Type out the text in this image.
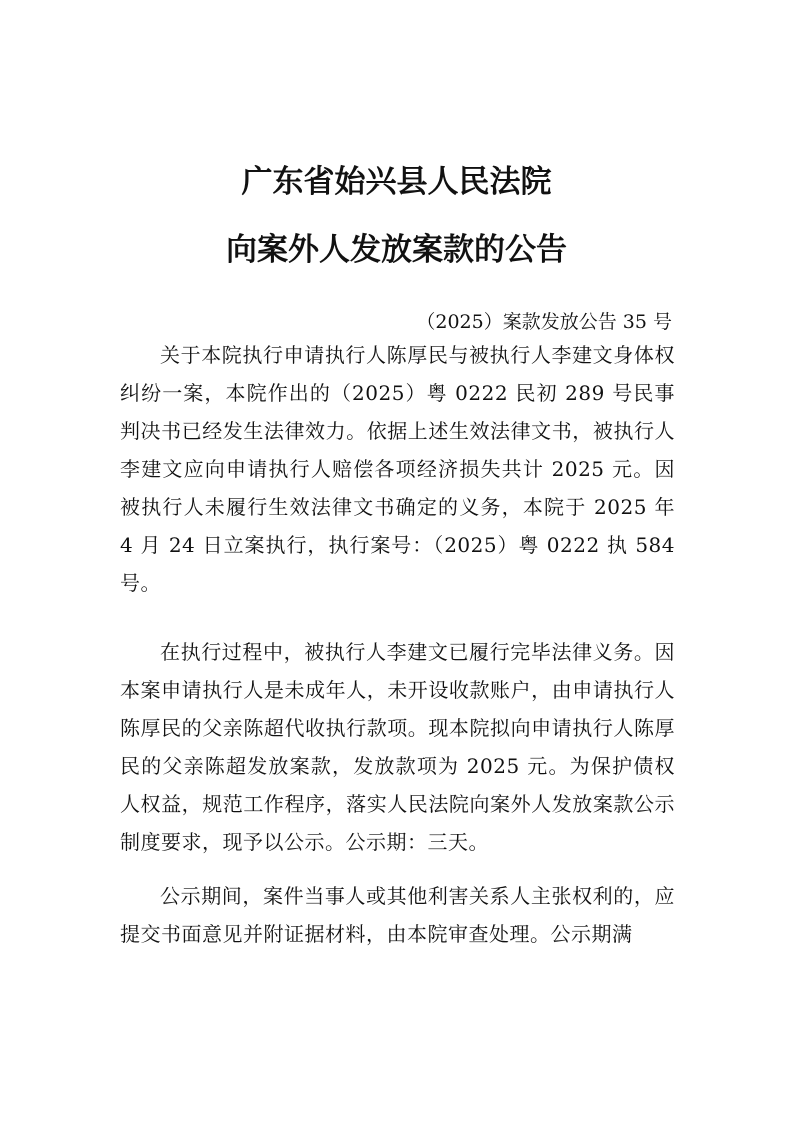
广东省始兴县人民法院
向案外人发放案款的公告
（2025）案款发放公告 35 号

关于本院执行申请执行人陈厚民与被执行人李建文身体权纠纷一案，本院作出的（2025）粤 0222 民初 289 号民事判决书已经发生法律效力。依据上述生效法律文书，被执行人李建文应向申请执行人赔偿各项经济损失共计 2025 元。因被执行人未履行生效法律文书确定的义务，本院于 2025 年 4 月 24 日立案执行，执行案号：（2025）粤 0222 执 584 号。

在执行过程中，被执行人李建文已履行完毕法律义务。因本案申请执行人是未成年人，未开设收款账户，由申请执行人陈厚民的父亲陈超代收执行款项。现本院拟向申请执行人陈厚民的父亲陈超发放案款，发放款项为 2025 元。为保护债权人权益，规范工作程序，落实人民法院向案外人发放案款公示制度要求，现予以公示。公示期：三天。

公示期间，案件当事人或其他利害关系人主张权利的，应提交书面意见并附证据材料，由本院审查处理。公示期满
